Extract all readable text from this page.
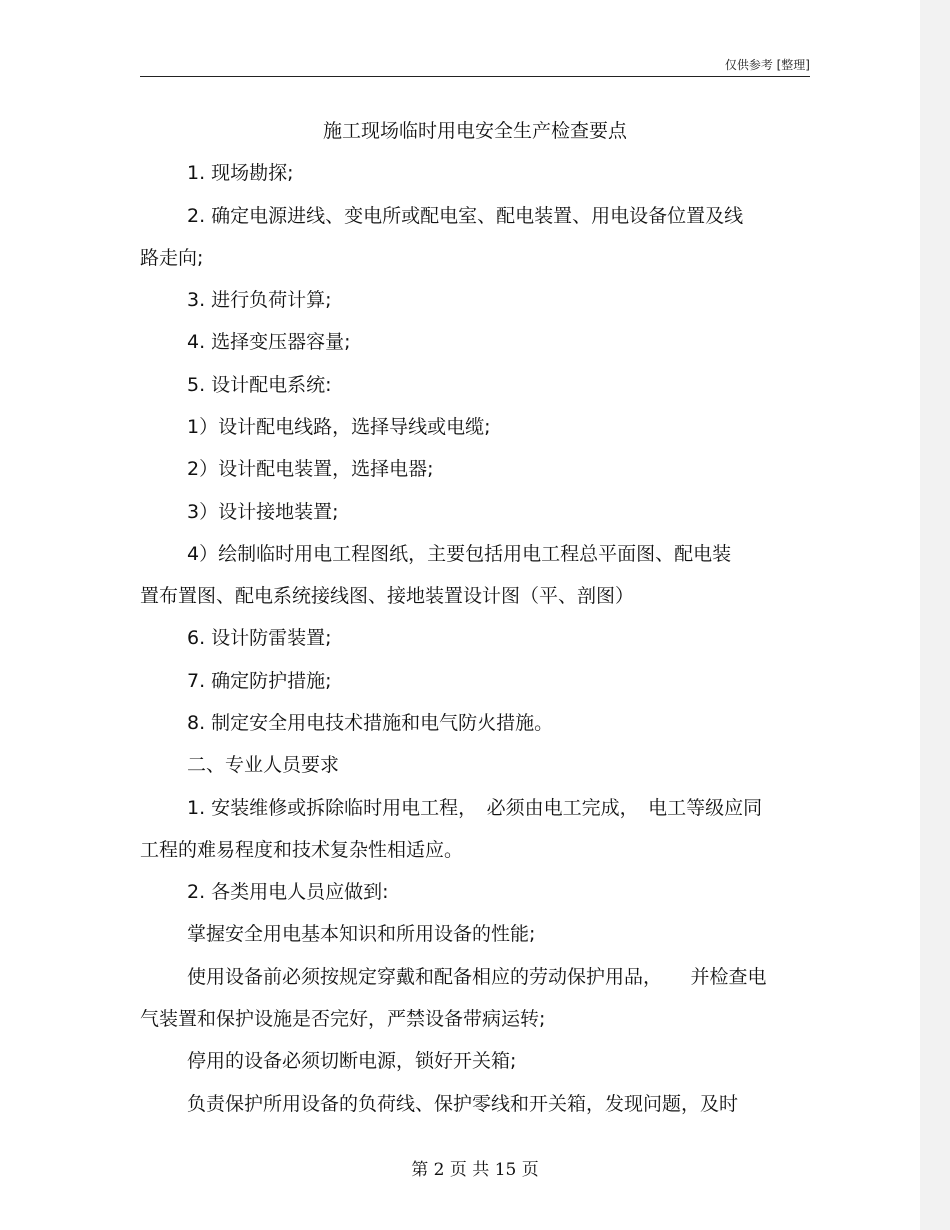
仅供参考 [整理]
施工现场临时用电安全生产检查要点
1. 现场勘探;
2. 确定电源进线、变电所或配电室、配电装置、用电设备位置及线
路走向;
3. 进行负荷计算;
4. 选择变压器容量;
5. 设计配电系统:
1）设计配电线路，选择导线或电缆;
2）设计配电装置，选择电器;
3）设计接地装置;
4）绘制临时用电工程图纸，主要包括用电工程总平面图、配电装
置布置图、配电系统接线图、接地装置设计图（平、剖图）
6. 设计防雷装置;
7. 确定防护措施;
8. 制定安全用电技术措施和电气防火措施。
二、专业人员要求
1. 安装维修或拆除临时用电工程，　必须由电工完成，　电工等级应同
工程的难易程度和技术复杂性相适应。
2. 各类用电人员应做到:
掌握安全用电基本知识和所用设备的性能;
使用设备前必须按规定穿戴和配备相应的劳动保护用品，　　并检查电
气装置和保护设施是否完好，严禁设备带病运转;
停用的设备必须切断电源，锁好开关箱;
负责保护所用设备的负荷线、保护零线和开关箱，发现问题，及时
第 2 页 共 15 页
